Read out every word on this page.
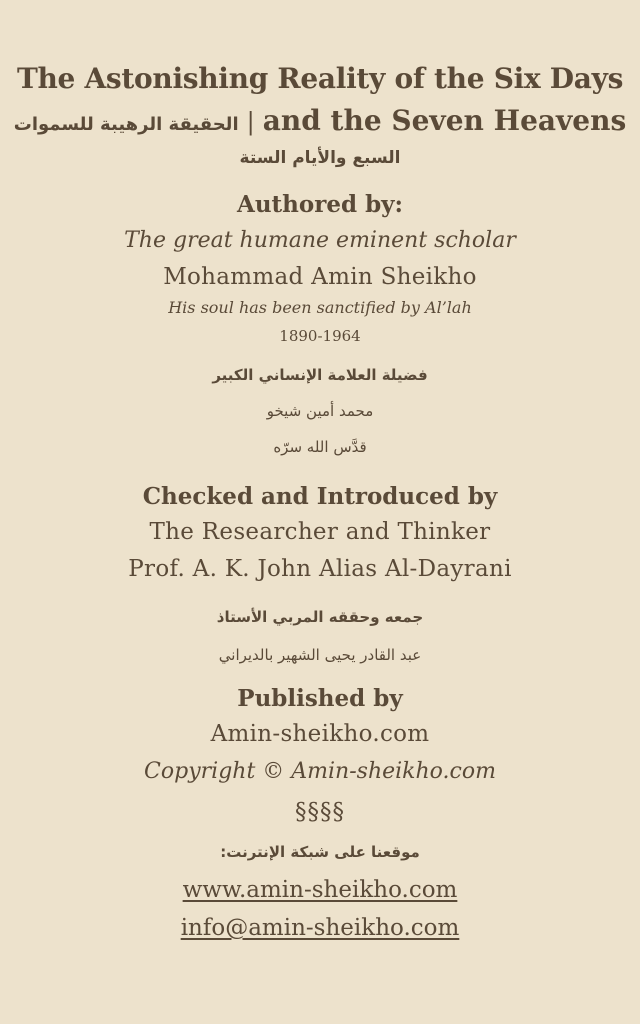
The Astonishing Reality of the Six Days
الحقيقة الرهيبة للسموات | and the Seven Heavens
السبع والأيام الستة
Authored by:
The great humane eminent scholar
Mohammad Amin Sheikho
His soul has been sanctified by Al’lah
1890-1964
فضيلة العلامة الإنساني الكبير
محمد أمين شيخو
قدَّس الله سرّه
Checked and Introduced by
The Researcher and Thinker
Prof. A. K. John Alias Al-Dayrani
جمعه وحققه المربي الأستاذ
عبد القادر يحيى الشهير بالديراني
Published by
Amin-sheikho.com
Copyright © Amin-sheikho.com
§§§§
موقعنا على شبكة الإنترنت:
www.amin-sheikho.com
info@amin-sheikho.com
